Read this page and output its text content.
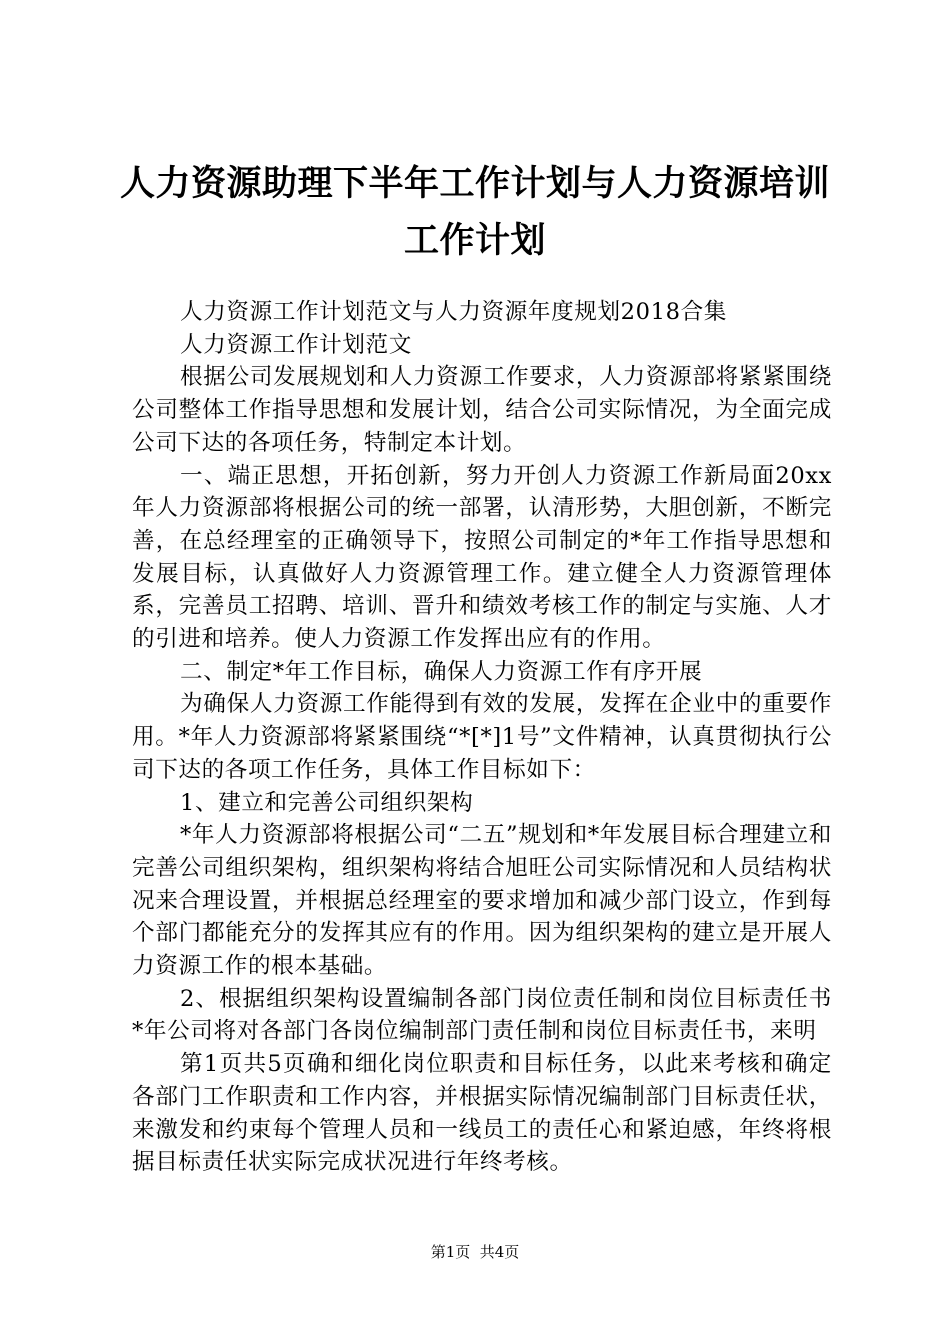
人力资源助理下半年工作计划与人力资源培训工作计划

人力资源工作计划范文与人力资源年度规划2018合集

人力资源工作计划范文

根据公司发展规划和人力资源工作要求，人力资源部将紧紧围绕公司整体工作指导思想和发展计划，结合公司实际情况，为全面完成公司下达的各项任务，特制定本计划。

一、端正思想，开拓创新，努力开创人力资源工作新局面20xx年人力资源部将根据公司的统一部署，认清形势，大胆创新，不断完善，在总经理室的正确领导下，按照公司制定的*年工作指导思想和发展目标，认真做好人力资源管理工作。建立健全人力资源管理体系，完善员工招聘、培训、晋升和绩效考核工作的制定与实施、人才的引进和培养。使人力资源工作发挥出应有的作用。

二、制定*年工作目标，确保人力资源工作有序开展

为确保人力资源工作能得到有效的发展，发挥在企业中的重要作用。*年人力资源部将紧紧围绕“*[*]1号”文件精神，认真贯彻执行公司下达的各项工作任务，具体工作目标如下：

1、建立和完善公司组织架构

*年人力资源部将根据公司“二五”规划和*年发展目标合理建立和完善公司组织架构，组织架构将结合旭旺公司实际情况和人员结构状况来合理设置，并根据总经理室的要求增加和减少部门设立，作到每个部门都能充分的发挥其应有的作用。因为组织架构的建立是开展人力资源工作的根本基础。

2、根据组织架构设置编制各部门岗位责任制和岗位目标责任书*年公司将对各部门各岗位编制部门责任制和岗位目标责任书，来明

第1页共5页确和细化岗位职责和目标任务，以此来考核和确定各部门工作职责和工作内容，并根据实际情况编制部门目标责任状，来激发和约束每个管理人员和一线员工的责任心和紧迫感，年终将根据目标责任状实际完成状况进行年终考核。

第1页  共4页
